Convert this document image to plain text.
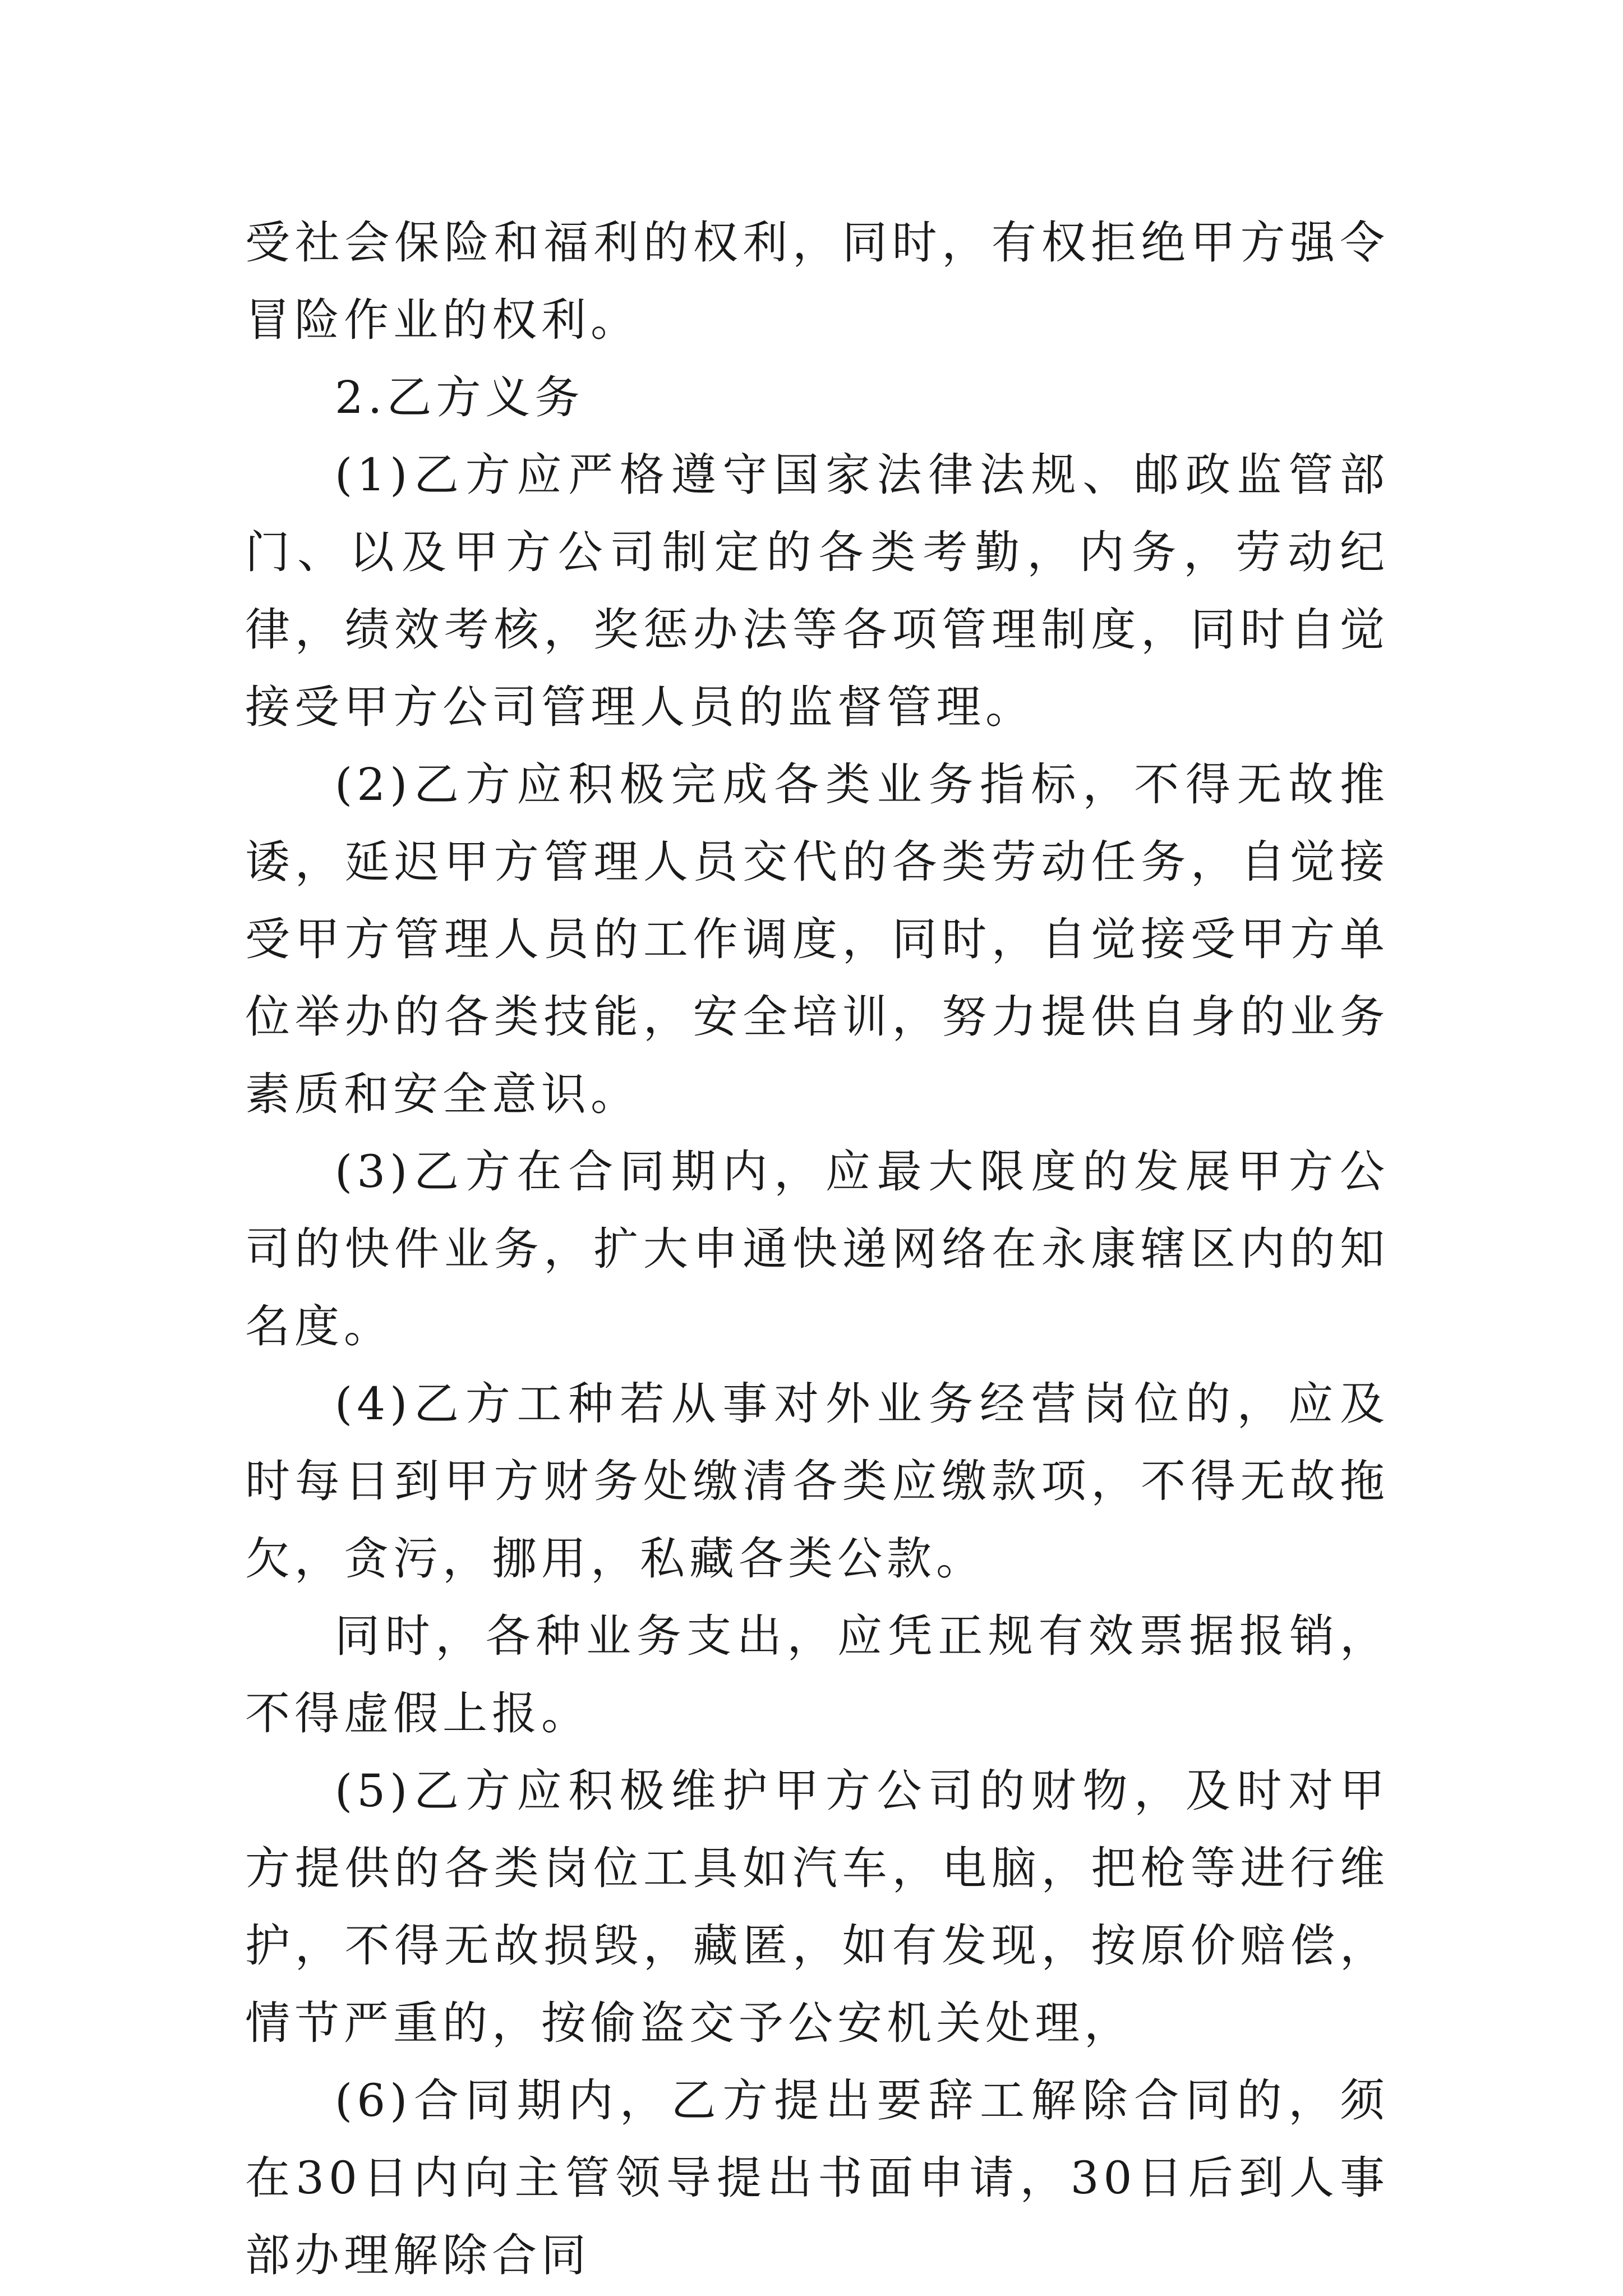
受社会保险和福利的权利，同时，有权拒绝甲方强令冒险作业的权利。

2.乙方义务

(1)乙方应严格遵守国家法律法规、邮政监管部门、以及甲方公司制定的各类考勤，内务，劳动纪律，绩效考核，奖惩办法等各项管理制度，同时自觉接受甲方公司管理人员的监督管理。

(2)乙方应积极完成各类业务指标，不得无故推诿，延迟甲方管理人员交代的各类劳动任务，自觉接受甲方管理人员的工作调度，同时，自觉接受甲方单位举办的各类技能，安全培训，努力提供自身的业务素质和安全意识。

(3)乙方在合同期内，应最大限度的发展甲方公司的快件业务，扩大申通快递网络在永康辖区内的知名度。

(4)乙方工种若从事对外业务经营岗位的，应及时每日到甲方财务处缴清各类应缴款项，不得无故拖欠，贪污，挪用，私藏各类公款。

同时，各种业务支出，应凭正规有效票据报销，不得虚假上报。

(5)乙方应积极维护甲方公司的财物，及时对甲方提供的各类岗位工具如汽车，电脑，把枪等进行维护，不得无故损毁，藏匿，如有发现，按原价赔偿，情节严重的，按偷盗交予公安机关处理，

(6)合同期内，乙方提出要辞工解除合同的，须在30日内向主管领导提出书面申请，30日后到人事部办理解除合同
